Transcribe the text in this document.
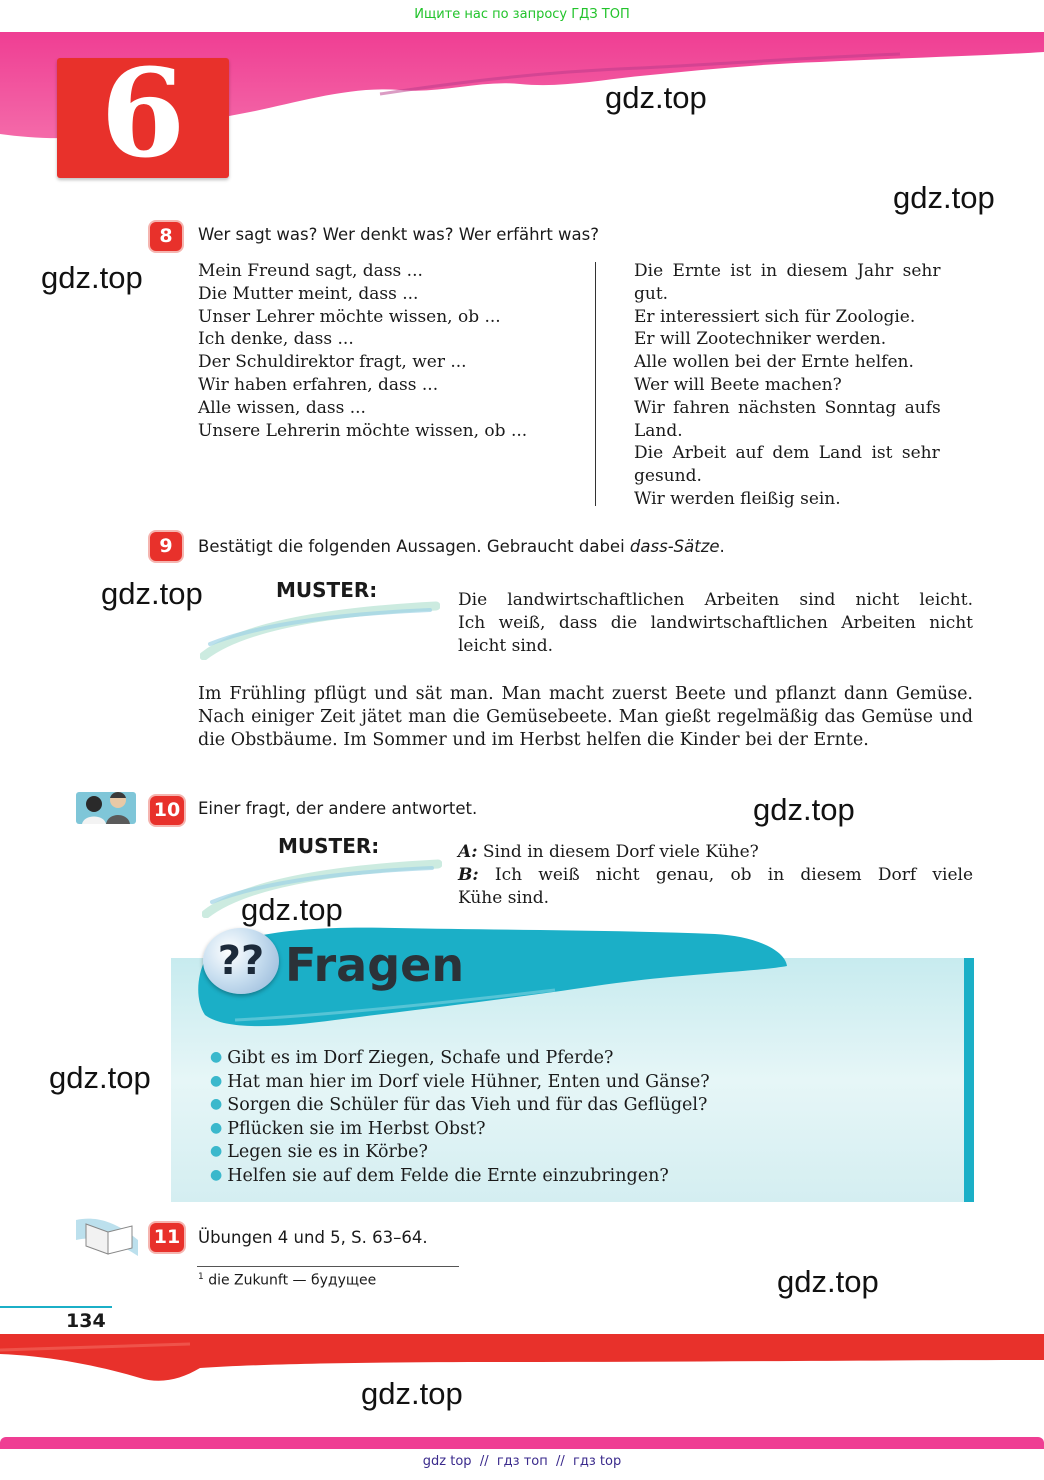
Ищите нас по запросу ГДЗ ТОП
6	gdz.top
gdz.top
gdz.top
gdz.top
gdz.top
gdz.top
gdz.top
gdz.top
gdz.top
8	Wer sagt was? Wer denkt was? Wer erfährt was?
Mein Freund sagt, dass ...
Die Mutter meint, dass ...
Unser Lehrer möchte wissen, ob ...
Ich denke, dass ...
Der Schuldirektor fragt, wer ...
Wir haben erfahren, dass ...
Alle wissen, dass ...
Unsere Lehrerin möchte wissen, ob ...
Die Ernte ist in diesem Jahr sehr
gut.
Er interessiert sich für Zoologie.
Er will Zootechniker werden.
Alle wollen bei der Ernte helfen.
Wer will Beete machen?
Wir fahren nächsten Sonntag aufs
Land.
Die Arbeit auf dem Land ist sehr
gesund.
Wir werden fleißig sein.
9	Bestätigt die folgenden Aussagen. Gebraucht dabei dass-Sätze.
MUSTER:	Die landwirtschaftlichen Arbeiten sind nicht leicht.
Ich weiß, dass die landwirtschaftlichen Arbeiten nicht
leicht sind.
Im Frühling pflügt und sät man. Man macht zuerst Beete und pflanzt dann Gemüse. Nach einiger Zeit jätet man die Gemüsebeete. Man gießt regelmäßig das Gemüse und die Obstbäume. Im Sommer und im Herbst helfen die Kinder bei der Ernte.
10 Einer fragt, der andere antwortet.
MUSTER:	A: Sind in diesem Dorf viele Kühe?
B: Ich weiß nicht genau, ob in diesem Dorf viele
Kühe sind.
?? Fragen
● Gibt es im Dorf Ziegen, Schafe und Pferde?
● Hat man hier im Dorf viele Hühner, Enten und Gänse?
● Sorgen die Schüler für das Vieh und für das Geflügel?
● Pflücken sie im Herbst Obst?
● Legen sie es in Körbe?
● Helfen sie auf dem Felde die Ernte einzubringen?
11 Übungen 4 und 5, S. 63–64.
$^1$ die Zukunft — будущее
134
gdz top  //  гдз топ  //  гдз top
